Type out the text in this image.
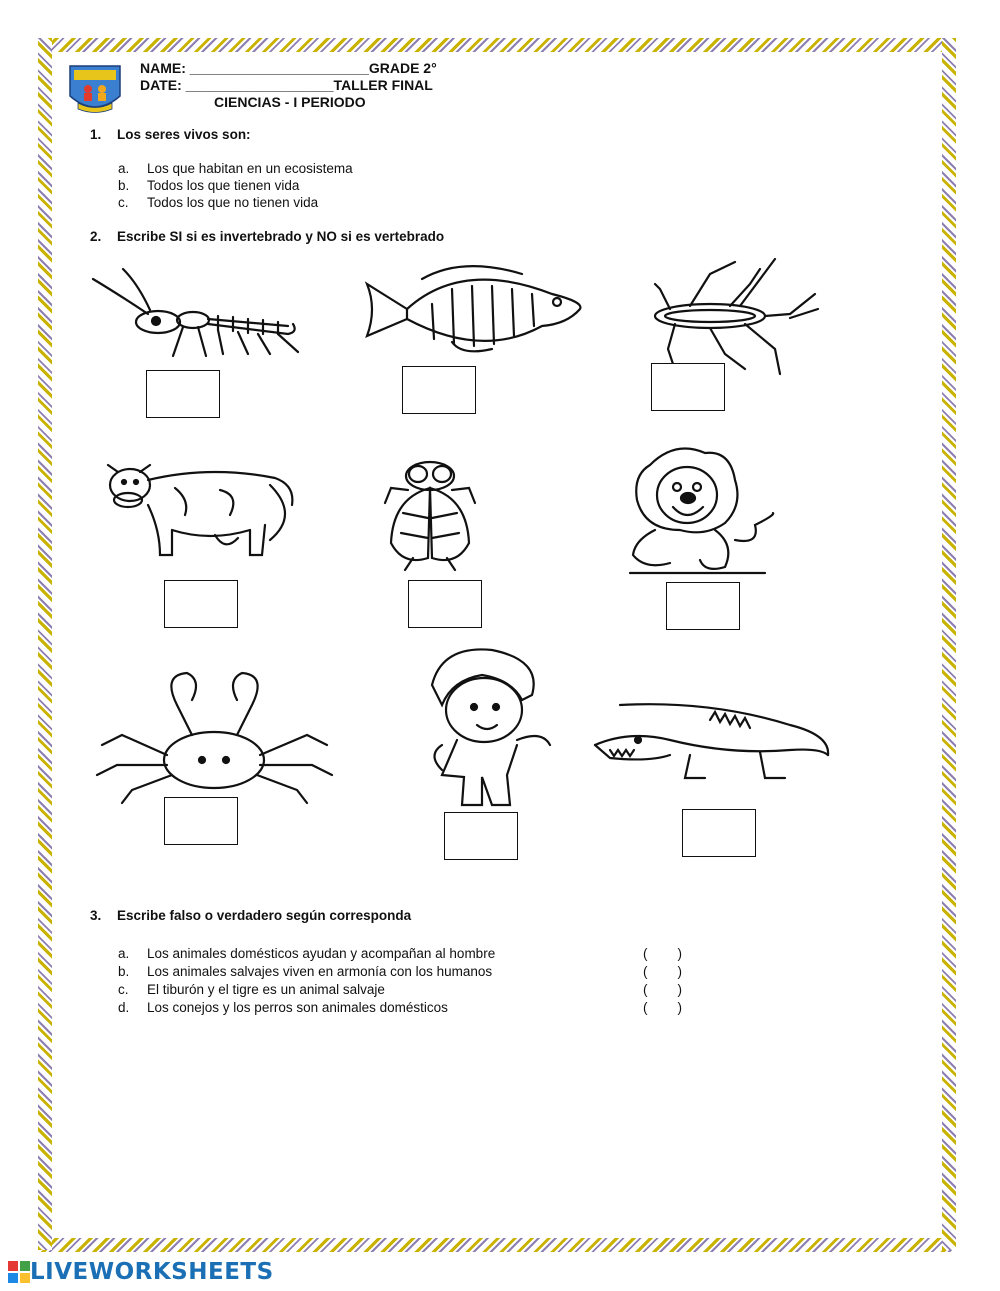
NAME: _______________________GRADE 2°
DATE: ___________________TALLER FINAL
CIENCIAS - I PERIODO
1. Los seres vivos son:
a. Los que habitan en un ecosistema
b. Todos los que tienen vida
c. Todos los que no tienen vida
2. Escribe SI si es invertebrado y NO si es vertebrado
3. Escribe falso o verdadero según corresponda
a. Los animales domésticos ayudan y acompañan al hombre
b. Los animales salvajes viven en armonía con los humanos
c. El tiburón y el tigre es un animal salvaje
d. Los conejos y los perros son animales domésticos
(        )
(        )
(        )
(        )
LIVEWORKSHEETS
